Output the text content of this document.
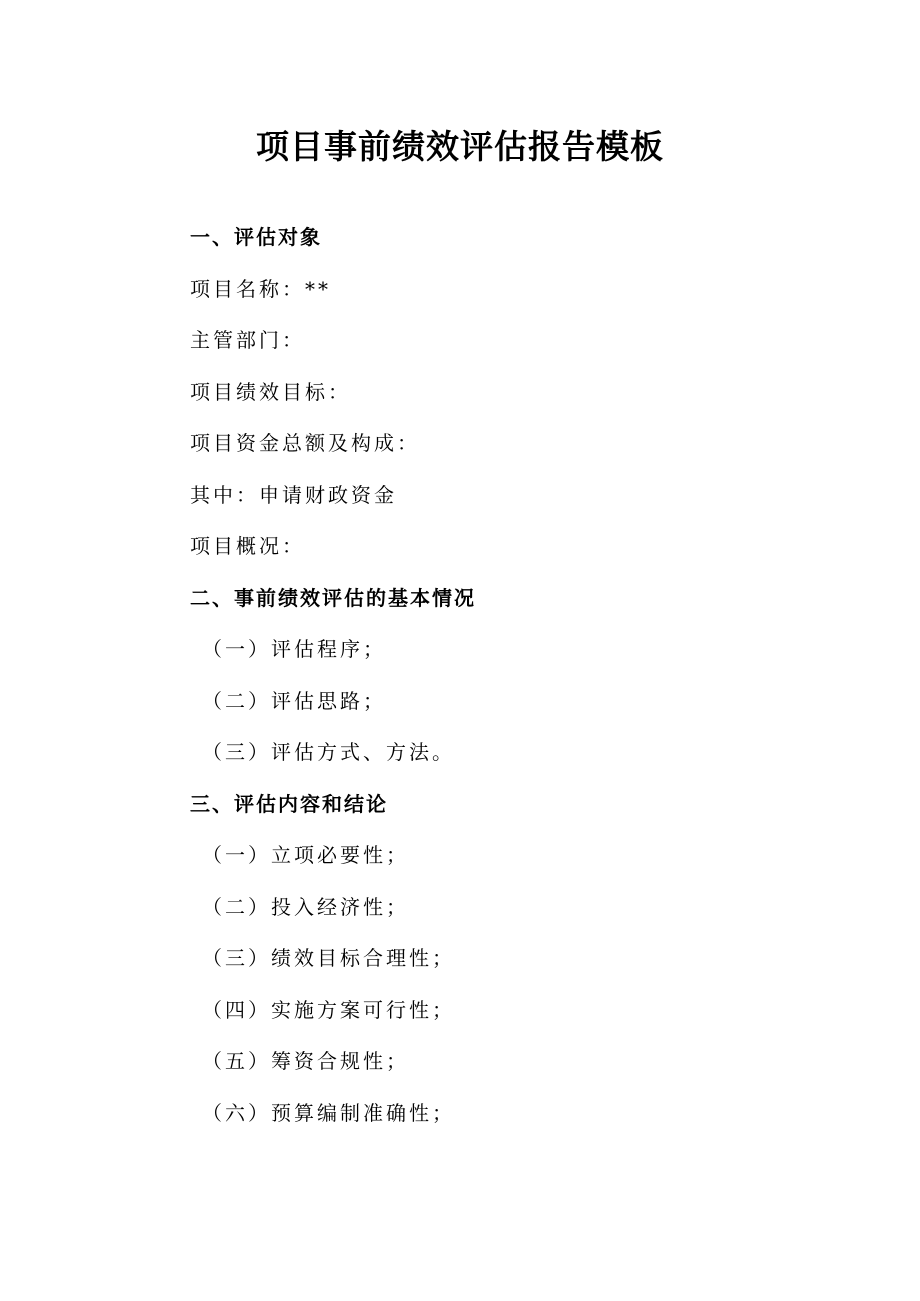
项目事前绩效评估报告模板

一、评估对象

项目名称：**

主管部门：

项目绩效目标：

项目资金总额及构成：

其中：申请财政资金

项目概况：

二、事前绩效评估的基本情况

（一）评估程序；

（二）评估思路；

（三）评估方式、方法。

三、评估内容和结论

（一）立项必要性；

（二）投入经济性；

（三）绩效目标合理性；

（四）实施方案可行性；

（五）筹资合规性；

（六）预算编制准确性；
